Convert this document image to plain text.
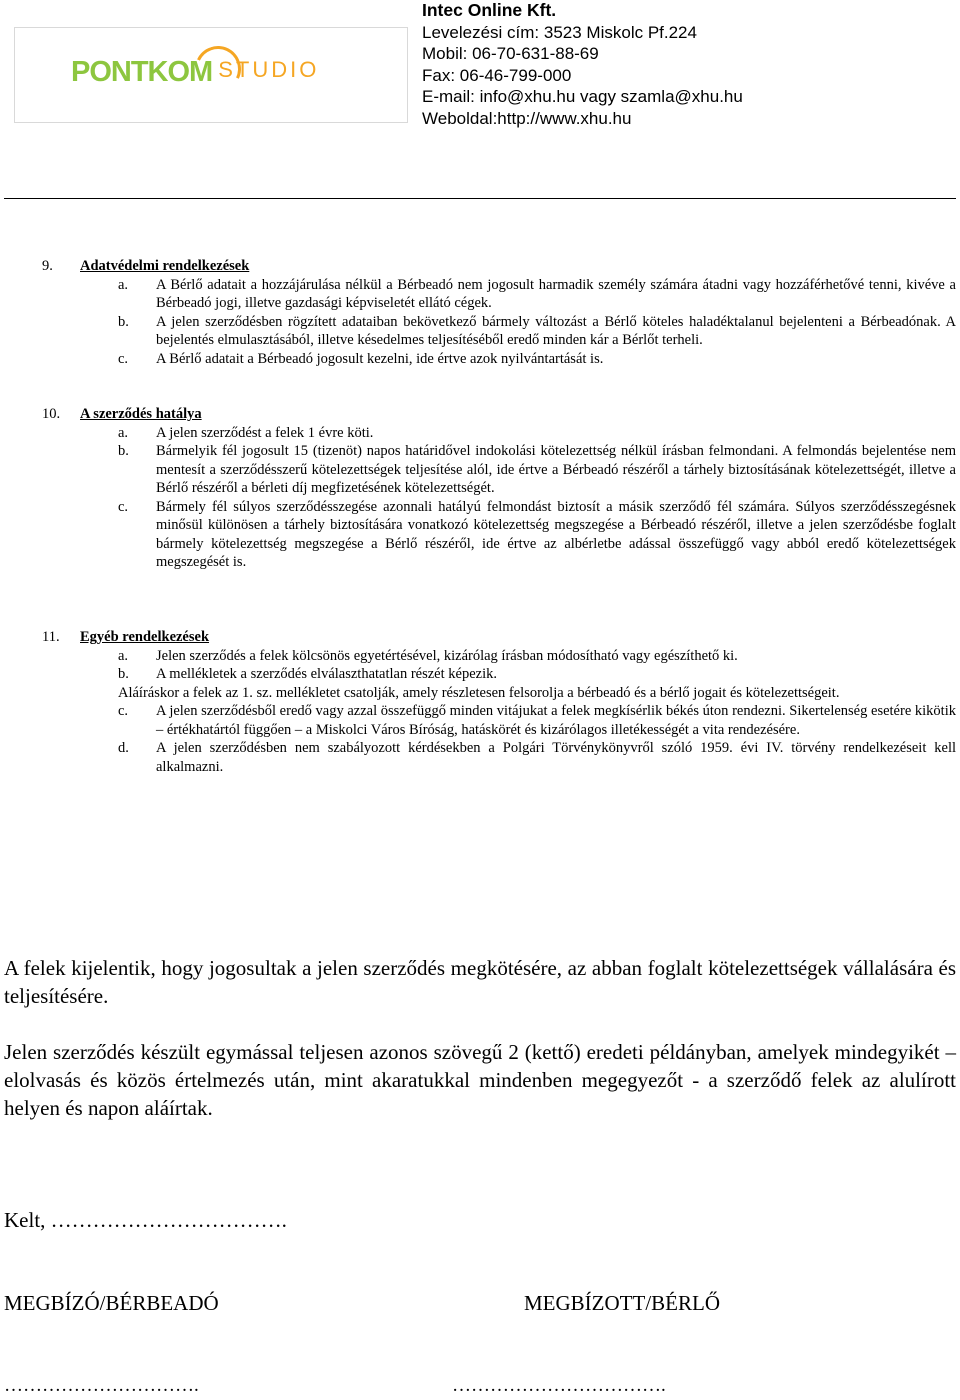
PONTKOM STUDIO
Intec Online Kft.
Levelezési cím: 3523 Miskolc Pf.224
Mobil: 06-70-631-88-69
Fax: 06-46-799-000
E-mail: info@xhu.hu vagy szamla@xhu.hu
Weboldal:http://www.xhu.hu
9. Adatvédelmi rendelkezések
a. A Bérlő adatait a hozzájárulása nélkül a Bérbeadó nem jogosult harmadik személy számára átadni vagy hozzáférhetővé tenni, kivéve a Bérbeadó jogi, illetve gazdasági képviseletét ellátó cégek.
b. A jelen szerződésben rögzített adataiban bekövetkező bármely változást a Bérlő köteles haladéktalanul bejelenteni a Bérbeadónak. A bejelentés elmulasztásából, illetve késedelmes teljesítéséből eredő minden kár a Bérlőt terheli.
c. A Bérlő adatait a Bérbeadó jogosult kezelni, ide értve azok nyilvántartását is.
10. A szerződés hatálya
a. A jelen szerződést a felek 1 évre köti.
b. Bármelyik fél jogosult 15 (tizenöt) napos határidővel indokolási kötelezettség nélkül írásban felmondani. A felmondás bejelentése nem mentesít a szerződésszerű kötelezettségek teljesítése alól, ide értve a Bérbeadó részéről a tárhely biztosításának kötelezettségét, illetve a Bérlő részéről a bérleti díj megfizetésének kötelezettségét.
c. Bármely fél súlyos szerződésszegése azonnali hatályú felmondást biztosít a másik szerződő fél számára. Súlyos szerződésszegésnek minősül különösen a tárhely biztosítására vonatkozó kötelezettség megszegése a Bérbeadó részéről, illetve a jelen szerződésbe foglalt bármely kötelezettség megszegése a Bérlő részéről, ide értve az albérletbe adással összefüggő vagy abból eredő kötelezettségek megszegését is.
11. Egyéb rendelkezések
a. Jelen szerződés a felek kölcsönös egyetértésével, kizárólag írásban módosítható vagy egészíthető ki.
b. A mellékletek a szerződés elválaszthatatlan részét képezik.
Aláíráskor a felek az 1. sz. mellékletet csatolják, amely részletesen felsorolja a bérbeadó és a bérlő jogait és kötelezettségeit.
c. A jelen szerződésből eredő vagy azzal összefüggő minden vitájukat a felek megkísérlik békés úton rendezni. Sikertelenség esetére kikötik – értékhatártól függően – a Miskolci Város Bíróság, hatáskörét és kizárólagos illetékességét a vita rendezésére.
d. A jelen szerződésben nem szabályozott kérdésekben a Polgári Törvénykönyvről szóló 1959. évi IV. törvény rendelkezéseit kell alkalmazni.
A felek kijelentik, hogy jogosultak a jelen szerződés megkötésére, az abban foglalt kötelezettségek vállalására és teljesítésére.
Jelen szerződés készült egymással teljesen azonos szövegű 2 (kettő) eredeti példányban, amelyek mindegyikét – elolvasás és közös értelmezés után, mint akaratukkal mindenben megegyezőt - a szerződő felek az alulírott helyen és napon aláírtak.
Kelt, …………………………….
MEGBÍZÓ/BÉRBEADÓ	MEGBÍZOTT/BÉRLŐ
………………………….	…………………………….
